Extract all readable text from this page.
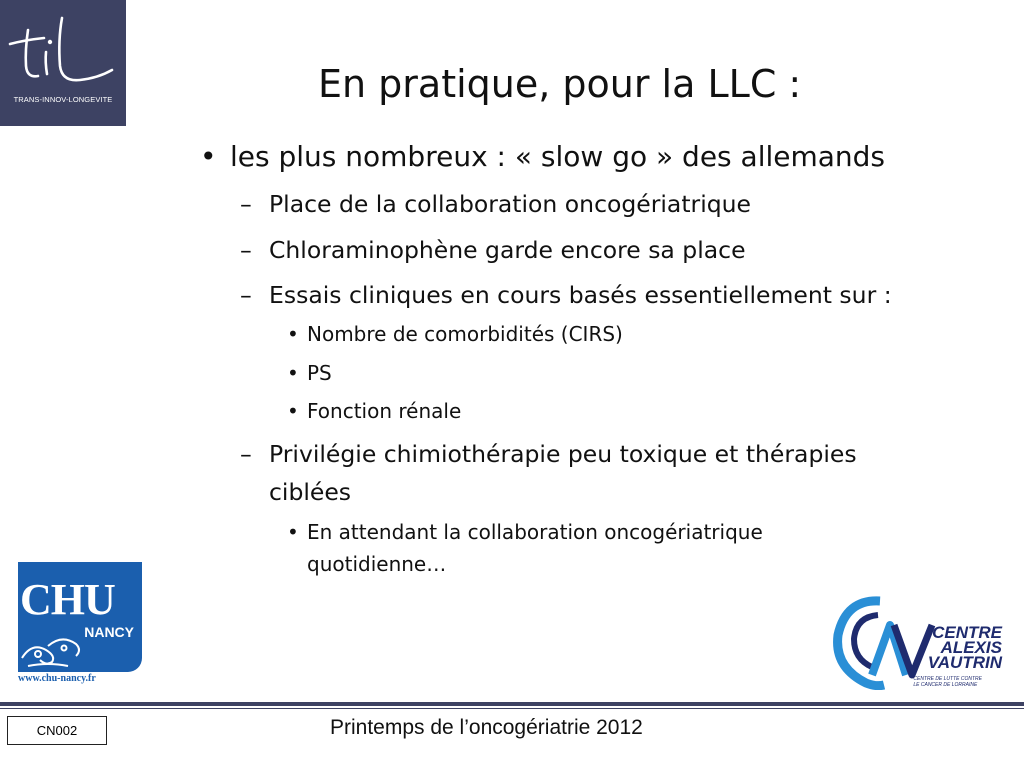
TRANS-INNOV-LONGEVITE	En pratique, pour la LLC :
• les plus nombreux : « slow go » des allemands
– Place de la collaboration oncogériatrique
– Chloraminophène garde encore sa place
– Essais cliniques en cours basés essentiellement sur :
• Nombre de comorbidités (CIRS)
• PS
• Fonction rénale
– Privilégie chimiothérapie peu toxique et thérapies
ciblées
• En attendant la collaboration oncogériatrique
quotidienne…
CHU
NANCY
www.chu-nancy.fr
CENTRE
ALEXIS
VAUTRIN
CENTRE DE LUTTE CONTRE
LE CANCER DE LORRAINE
CN002	Printemps de l’oncogériatrie 2012
